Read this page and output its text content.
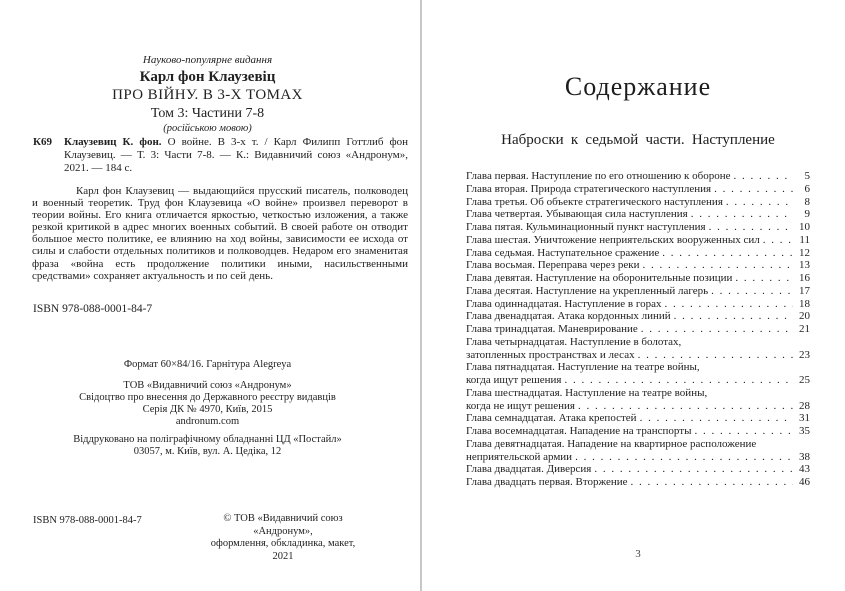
Науково-популярне видання
Карл фон Клаузевіц
ПРО ВІЙНУ. В 3-Х ТОМАХ
Том 3: Частини 7-8
(російською мовою)
К69	Клаузевиц К. фон. О войне. В 3-х т. / Карл Филипп Готтлиб фон Клаузевиц. — Т. 3: Части 7-8. — К.: Видавничий союз «Андронум», 2021. — 184 с.
Карл фон Клаузевиц — выдающийся прусский писатель, полководец и военный теоретик. Труд фон Клаузевица «О войне» произвел переворот в теории войны. Его книга отличается яркостью, четкостью изложения, а также резкой критикой в адрес многих военных событий. В своей работе он отводит большое место политике, ее влиянию на ход войны, зависимости ее исхода от силы и слабости отдельных политиков и полководцев. Недаром его знаменитая фраза «война есть продолжение политики иными, насильственными средствами» сохраняет актуальность и по сей день.
ISBN 978-088-0001-84-7
Формат 60×84/16. Гарнітура Alegreya
ТОВ «Видавничий союз «Андронум»
Свідоцтво про внесення до Державного реєстру видавців
Серія ДК № 4970, Київ, 2015
andronum.com
Віддруковано на поліграфічному обладнанні ЦД «Постайл»
03057, м. Київ, вул. А. Цедіка, 12
ISBN 978-088-0001-84-7	© ТОВ «Видавничий союз «Андронум»,
оформлення, обкладинка, макет, 2021
Содержание
Наброски к седьмой части. Наступление
Глава первая. Наступление по его отношению к обороне . . .	5
Глава вторая. Природа стратегического наступления . . .	6
Глава третья. Об объекте стратегического наступления . . .	8
Глава четвертая. Убывающая сила наступления . . .	9
Глава пятая. Кульминационный пункт наступления . . .	10
Глава шестая. Уничтожение неприятельских вооруженных сил . . .	11
Глава седьмая. Наступательное сражение . . .	12
Глава восьмая. Переправа через реки . . .	13
Глава девятая. Наступление на оборонительные позиции . . .	16
Глава десятая. Наступление на укрепленный лагерь . . .	17
Глава одиннадцатая. Наступление в горах . . .	18
Глава двенадцатая. Атака кордонных линий . . .	20
Глава тринадцатая. Маневрирование . . .	21
Глава четырнадцатая. Наступление в болотах,
затопленных пространствах и лесах . . .	23
Глава пятнадцатая. Наступление на театре войны,
когда ищут решения . . .	25
Глава шестнадцатая. Наступление на театре войны,
когда не ищут решения . . .	28
Глава семнадцатая. Атака крепостей . . .	31
Глава восемнадцатая. Нападение на транспорты . . .	35
Глава девятнадцатая. Нападение на квартирное расположение
неприятельской армии . . .	38
Глава двадцатая. Диверсия . . .	43
Глава двадцать первая. Вторжение . . .	46
3
